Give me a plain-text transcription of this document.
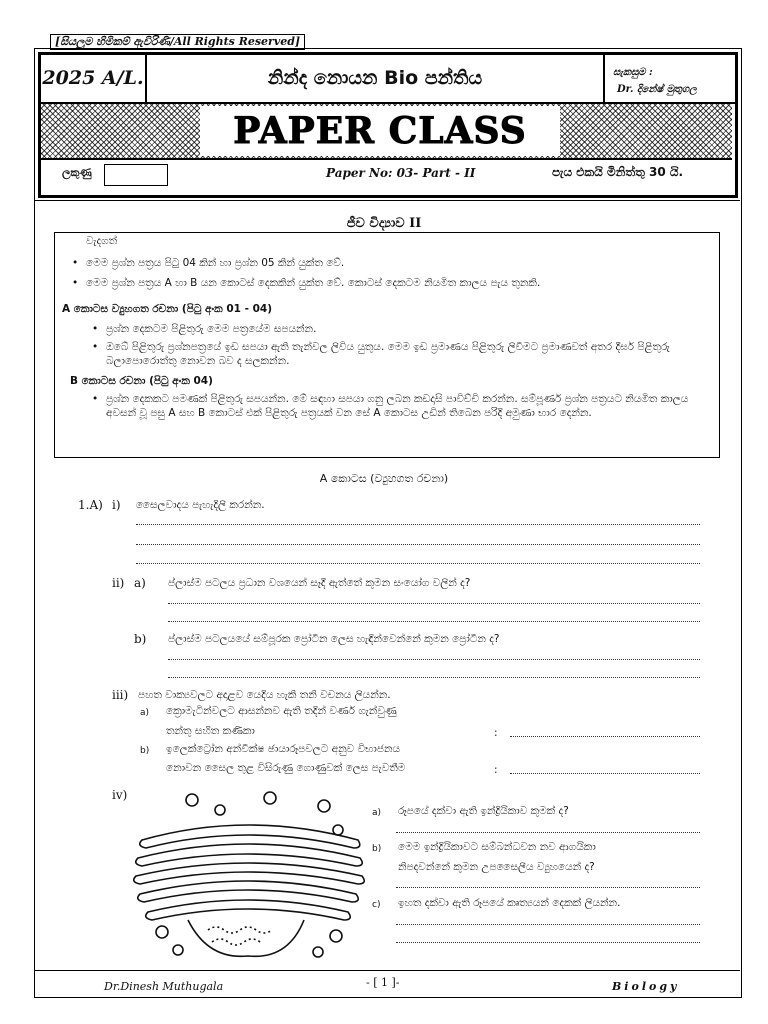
[සියලුම හිමිකම් ඇවිරිණි/All Rights Reserved]
2025 A/L.	නින්ද නොයන Bio පන්තිය	සැකසුම :
Dr. දිනේෂ් මුතුගල
PAPER CLASS
ලකුණු	Paper No: 03- Part - II	පැය එකයි මිනිත්තු 30 යි.
ජීව විද්‍යාව II
වැදගත්
• මෙම ප්‍රශ්න පත්‍රය පිටු 04 කින් හා ප්‍රශ්න 05 කින් යුක්ත වේ.
• මෙම ප්‍රශ්න පත්‍රය A හා B යන කොටස් දෙකකින් යුක්ත වේ. කොටස් දෙකටම නියමිත කාලය පැය තුනකි.
A කොටස ව්‍යුහගත රචනා (පිටු අංක 01 - 04)
• ප්‍රශ්න දෙකටම පිළිතුරු මෙම පත්‍රයේම සපයන්න.
• ඔබේ පිළිතුරු ප්‍රශ්නපත්‍රයේ ඉඩ සපයා ඇති තැන්වල ලිවිය යුතුය. මෙම ඉඩ ප්‍රමාණය පිළිතුරු ලිවීමට ප්‍රමාණවත් අතර දීර්ඝ පිළිතුරු බලාපොරොත්තු නොවන බව ද සලකන්න.
B කොටස රචනා (පිටු අංක 04)
• ප්‍රශ්න දෙකකට පමණක් පිළිතුරු සපයන්න. මේ සඳහා සපයා ගනු ලබන කඩදාසි පාවිච්චි කරන්න. සම්පූර්ණ ප්‍රශ්න පත්‍රයට නියමිත කාලය අවසන් වූ පසු A සහ B කොටස් එක් පිළිතුරු පත්‍රයක් වන සේ A කොටස උඩින් තිබෙන පරිදි අමුණා භාර දෙන්න.
A කොටස (ව්‍යුහගත රචනා)
1.A) i) සෛලවාදය පැහැදිලි කරන්න.
ii) a) ප්ලාස්ම පටලය ප්‍රධාන වශයෙන් සෑදී ඇත්තේ කුමන සංයෝග වලින් ද?
b) ප්ලාස්ම පටලයයේ සම්පූරක ප්‍රෝටීන ලෙස හැඳින්වෙන්නේ කුමන ප්‍රෝටීන ද?
iii) පහත වාක්‍යවලට අදාළව යෙදිය හැකි තනි වචනය ලියන්න.
a) ක්‍රොමැටින්වලට ආසන්නව ඇති තදින් වර්ණ ගැන්වුණු
තන්තු සහිත කණිකා	:
b) ඉලෙක්ට්‍රෝන අන්වීක්ෂ ඡායාරූපවලට අනුව විභාජනය
නොවන සෛල තුළ විසිරුණු ගොණුවක් ලෙස පැවතීම	:
iv)
a) රූපයේ දක්වා ඇති ඉන්ද්‍රියිකාව කුමක් ද?
b) මෙම ඉන්ද්‍රියිකාවට සම්බන්ධවන නව ආගයිකා
නිපදවන්නේ කුමන උපසෛලීය ව්‍යුහයෙන් ද?
c) ඉහත දක්වා ඇති රූපයේ කෘත්‍යයන් දෙකක් ලියන්න.
Dr.Dinesh Muthugala	- [ 1 ]-	Biology
